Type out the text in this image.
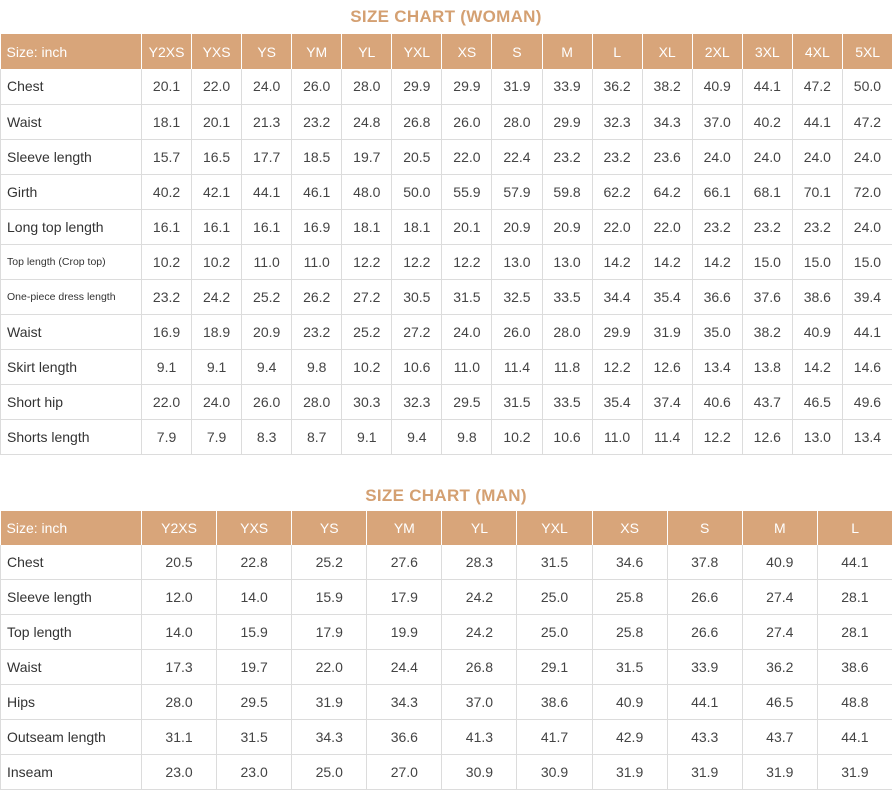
SIZE CHART (WOMAN)
Size: inch	Y2XS	YXS	YS	YM	YL	YXL	XS	S	M	L	XL	2XL	3XL	4XL	5XL
Chest	20.1	22.0	24.0	26.0	28.0	29.9	29.9	31.9	33.9	36.2	38.2	40.9	44.1	47.2	50.0
Waist	18.1	20.1	21.3	23.2	24.8	26.8	26.0	28.0	29.9	32.3	34.3	37.0	40.2	44.1	47.2
Sleeve length	15.7	16.5	17.7	18.5	19.7	20.5	22.0	22.4	23.2	23.2	23.6	24.0	24.0	24.0	24.0
Girth	40.2	42.1	44.1	46.1	48.0	50.0	55.9	57.9	59.8	62.2	64.2	66.1	68.1	70.1	72.0
Long top length	16.1	16.1	16.1	16.9	18.1	18.1	20.1	20.9	20.9	22.0	22.0	23.2	23.2	23.2	24.0
Top length (Crop top)	10.2	10.2	11.0	11.0	12.2	12.2	12.2	13.0	13.0	14.2	14.2	14.2	15.0	15.0	15.0
One-piece dress length	23.2	24.2	25.2	26.2	27.2	30.5	31.5	32.5	33.5	34.4	35.4	36.6	37.6	38.6	39.4
Waist	16.9	18.9	20.9	23.2	25.2	27.2	24.0	26.0	28.0	29.9	31.9	35.0	38.2	40.9	44.1
Skirt length	9.1	9.1	9.4	9.8	10.2	10.6	11.0	11.4	11.8	12.2	12.6	13.4	13.8	14.2	14.6
Short hip	22.0	24.0	26.0	28.0	30.3	32.3	29.5	31.5	33.5	35.4	37.4	40.6	43.7	46.5	49.6
Shorts length	7.9	7.9	8.3	8.7	9.1	9.4	9.8	10.2	10.6	11.0	11.4	12.2	12.6	13.0	13.4
SIZE CHART (MAN)
Size: inch	Y2XS	YXS	YS	YM	YL	YXL	XS	S	M	L
Chest	20.5	22.8	25.2	27.6	28.3	31.5	34.6	37.8	40.9	44.1
Sleeve length	12.0	14.0	15.9	17.9	24.2	25.0	25.8	26.6	27.4	28.1
Top length	14.0	15.9	17.9	19.9	24.2	25.0	25.8	26.6	27.4	28.1
Waist	17.3	19.7	22.0	24.4	26.8	29.1	31.5	33.9	36.2	38.6
Hips	28.0	29.5	31.9	34.3	37.0	38.6	40.9	44.1	46.5	48.8
Outseam length	31.1	31.5	34.3	36.6	41.3	41.7	42.9	43.3	43.7	44.1
Inseam	23.0	23.0	25.0	27.0	30.9	30.9	31.9	31.9	31.9	31.9
